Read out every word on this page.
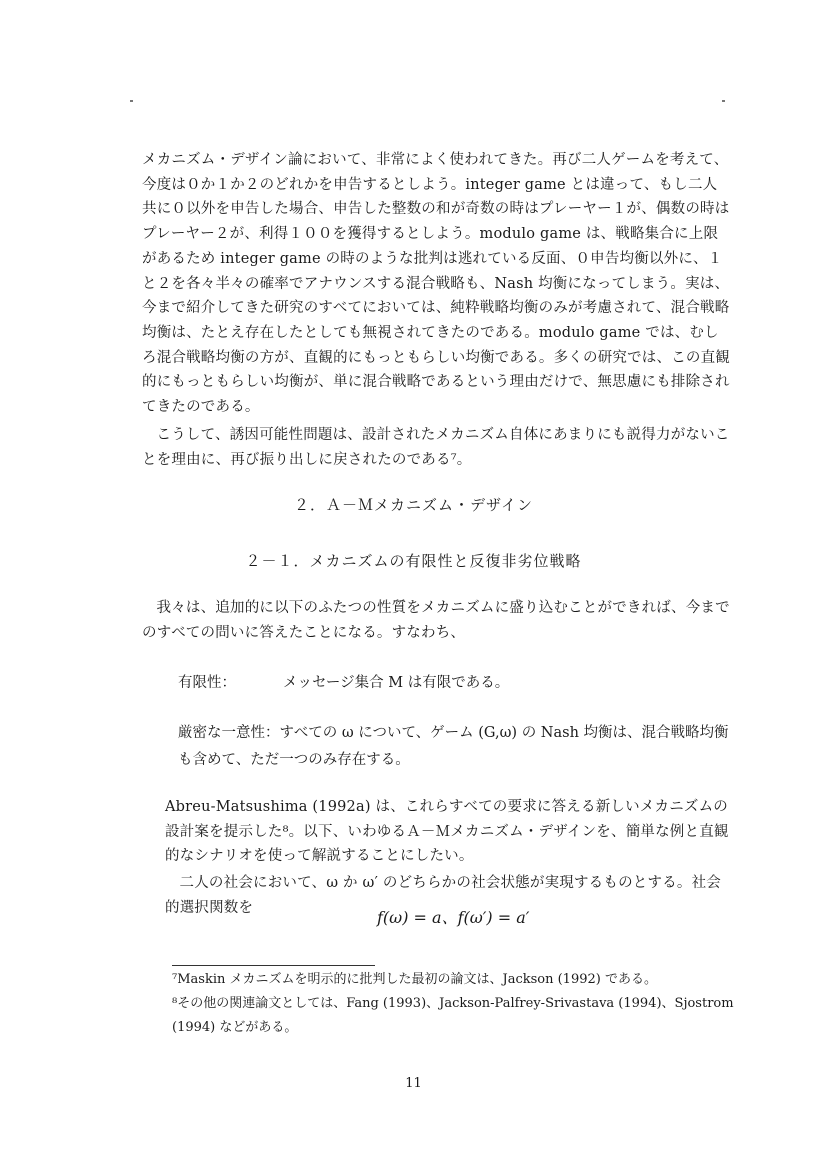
メカニズム・デザイン論において、非常によく使われてきた。再び二人ゲームを考えて、今度は０か１か２のどれかを申告するとしよう。integer game とは違って、もし二人共に０以外を申告した場合、申告した整数の和が奇数の時はプレーヤー１が、偶数の時はプレーヤー２が、利得１００を獲得するとしよう。modulo game は、戦略集合に上限があるため integer game の時のような批判は逃れている反面、０申告均衡以外に、１と２を各々半々の確率でアナウンスする混合戦略も、Nash 均衡になってしまう。実は、今まで紹介してきた研究のすべてにおいては、純粋戦略均衡のみが考慮されて、混合戦略均衡は、たとえ存在したとしても無視されてきたのである。modulo game では、むしろ混合戦略均衡の方が、直観的にもっともらしい均衡である。多くの研究では、この直観的にもっともらしい均衡が、単に混合戦略であるという理由だけで、無思慮にも排除されてきたのである。

こうして、誘因可能性問題は、設計されたメカニズム自体にあまりにも説得力がないことを理由に、再び振り出しに戻されたのである⁷。

２．Ａ－Ｍメカニズム・デザイン
２－１．メカニズムの有限性と反復非劣位戦略

我々は、追加的に以下のふたつの性質をメカニズムに盛り込むことができれば、今までのすべての問いに答えたことになる。すなわち、

有限性：	メッセージ集合 M は有限である。
厳密な一意性：すべての ω について、ゲーム (G,ω) の Nash 均衡は、混合戦略均衡も含めて、ただ一つのみ存在する。

Abreu-Matsushima (1992a) は、これらすべての要求に答える新しいメカニズムの設計案を提示した⁸。以下、いわゆるＡ－Ｍメカニズム・デザインを、簡単な例と直観的なシナリオを使って解説することにしたい。

二人の社会において、ω か ω′ のどちらかの社会状態が実現するものとする。社会的選択関数を

f(ω) = a、f(ω′) = a′

⁷Maskin メカニズムを明示的に批判した最初の論文は、Jackson (1992) である。

⁸その他の関連論文としては、Fang (1993)、Jackson-Palfrey-Srivastava (1994)、Sjostrom (1994) などがある。

11
